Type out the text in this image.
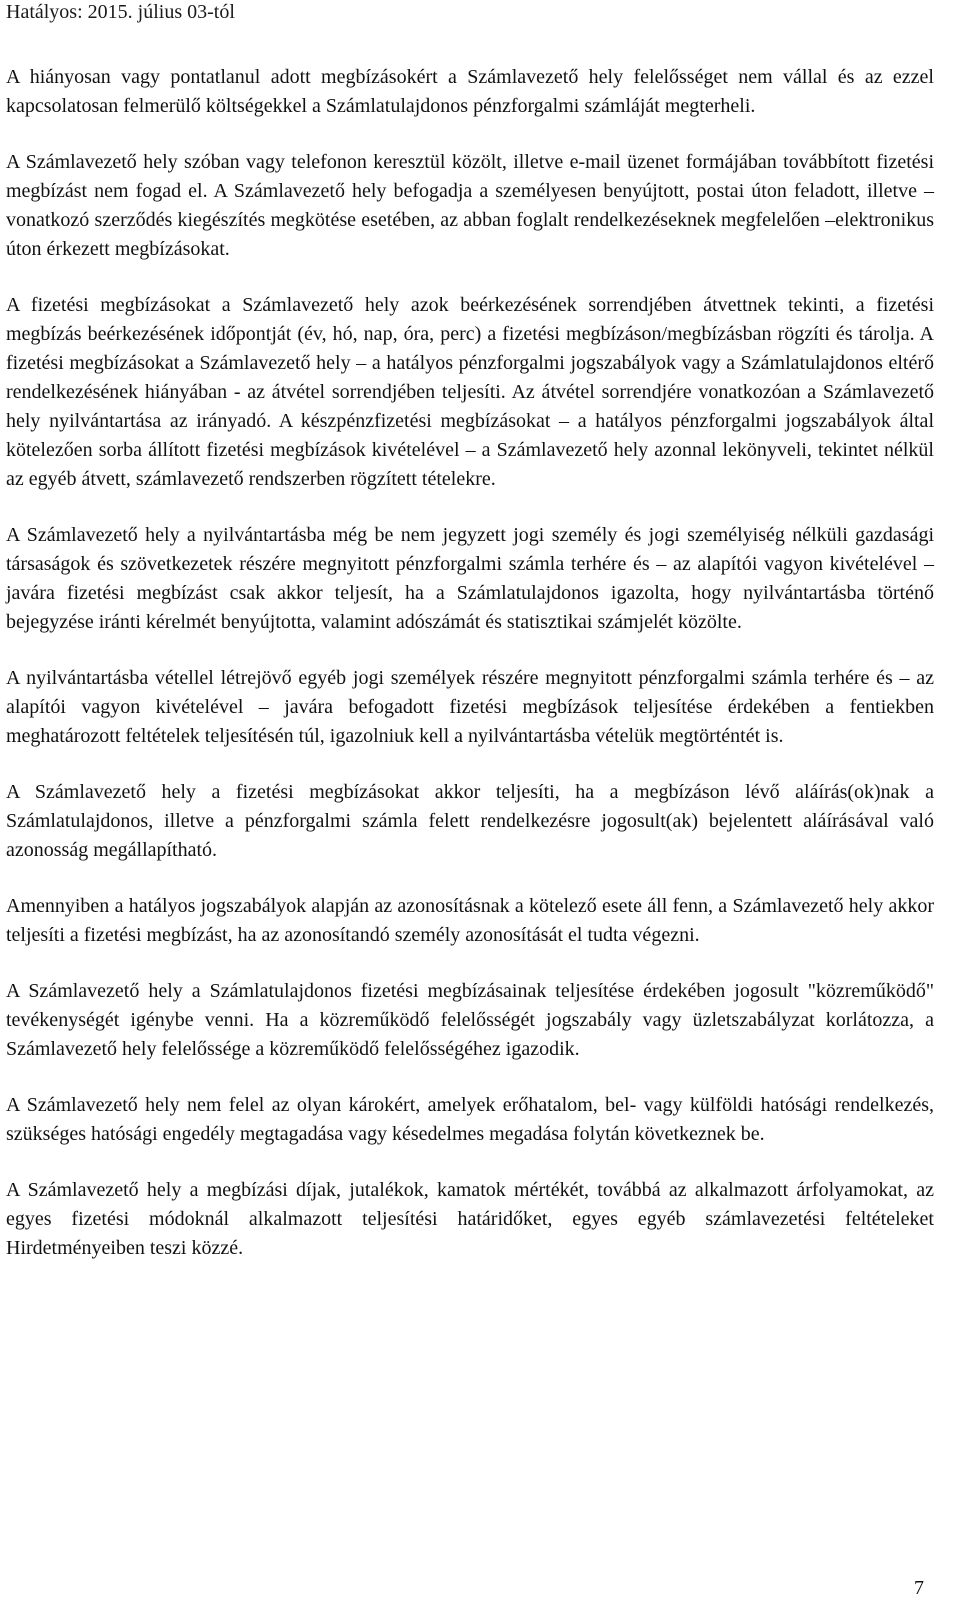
Hatályos: 2015. július 03-tól

A hiányosan vagy pontatlanul adott megbízásokért a Számlavezető hely felelősséget nem vállal és az ezzel kapcsolatosan felmerülő költségekkel a Számlatulajdonos pénzforgalmi számláját megterheli.

A Számlavezető hely szóban vagy telefonon keresztül közölt, illetve e-mail üzenet formájában továbbított fizetési megbízást nem fogad el. A Számlavezető hely befogadja a személyesen benyújtott, postai úton feladott, illetve – vonatkozó szerződés kiegészítés megkötése esetében, az abban foglalt rendelkezéseknek megfelelően –elektronikus úton érkezett megbízásokat.

A fizetési megbízásokat a Számlavezető hely azok beérkezésének sorrendjében átvettnek tekinti, a fizetési megbízás beérkezésének időpontját (év, hó, nap, óra, perc) a fizetési megbízáson/megbízásban rögzíti és tárolja. A fizetési megbízásokat a Számlavezető hely – a hatályos pénzforgalmi jogszabályok vagy a Számlatulajdonos eltérő rendelkezésének hiányában - az átvétel sorrendjében teljesíti. Az átvétel sorrendjére vonatkozóan a Számlavezető hely nyilvántartása az irányadó. A készpénzfizetési megbízásokat – a hatályos pénzforgalmi jogszabályok által kötelezően sorba állított fizetési megbízások kivételével – a Számlavezető hely azonnal lekönyveli, tekintet nélkül az egyéb átvett, számlavezető rendszerben rögzített tételekre.

A Számlavezető hely a nyilvántartásba még be nem jegyzett jogi személy és jogi személyiség nélküli gazdasági társaságok és szövetkezetek részére megnyitott pénzforgalmi számla terhére és – az alapítói vagyon kivételével – javára fizetési megbízást csak akkor teljesít, ha a Számlatulajdonos igazolta, hogy nyilvántartásba történő bejegyzése iránti kérelmét benyújtotta, valamint adószámát és statisztikai számjelét közölte.

A nyilvántartásba vétellel létrejövő egyéb jogi személyek részére megnyitott pénzforgalmi számla terhére és – az alapítói vagyon kivételével – javára befogadott fizetési megbízások teljesítése érdekében a fentiekben meghatározott feltételek teljesítésén túl, igazolniuk kell a nyilvántartásba vételük megtörténtét is.

A Számlavezető hely a fizetési megbízásokat akkor teljesíti, ha a megbízáson lévő aláírás(ok)nak a Számlatulajdonos, illetve a pénzforgalmi számla felett rendelkezésre jogosult(ak) bejelentett aláírásával való azonosság megállapítható.

Amennyiben a hatályos jogszabályok alapján az azonosításnak a kötelező esete áll fenn, a Számlavezető hely akkor teljesíti a fizetési megbízást, ha az azonosítandó személy azonosítását el tudta végezni.

A Számlavezető hely a Számlatulajdonos fizetési megbízásainak teljesítése érdekében jogosult "közreműködő" tevékenységét igénybe venni. Ha a közreműködő felelősségét jogszabály vagy üzletszabályzat korlátozza, a Számlavezető hely felelőssége a közreműködő felelősségéhez igazodik.

A Számlavezető hely nem felel az olyan károkért, amelyek erőhatalom, bel- vagy külföldi hatósági rendelkezés, szükséges hatósági engedély megtagadása vagy késedelmes megadása folytán következnek be.

A Számlavezető hely a megbízási díjak, jutalékok, kamatok mértékét, továbbá az alkalmazott árfolyamokat, az egyes fizetési módoknál alkalmazott teljesítési határidőket, egyes egyéb számlavezetési feltételeket Hirdetményeiben teszi közzé.

7
